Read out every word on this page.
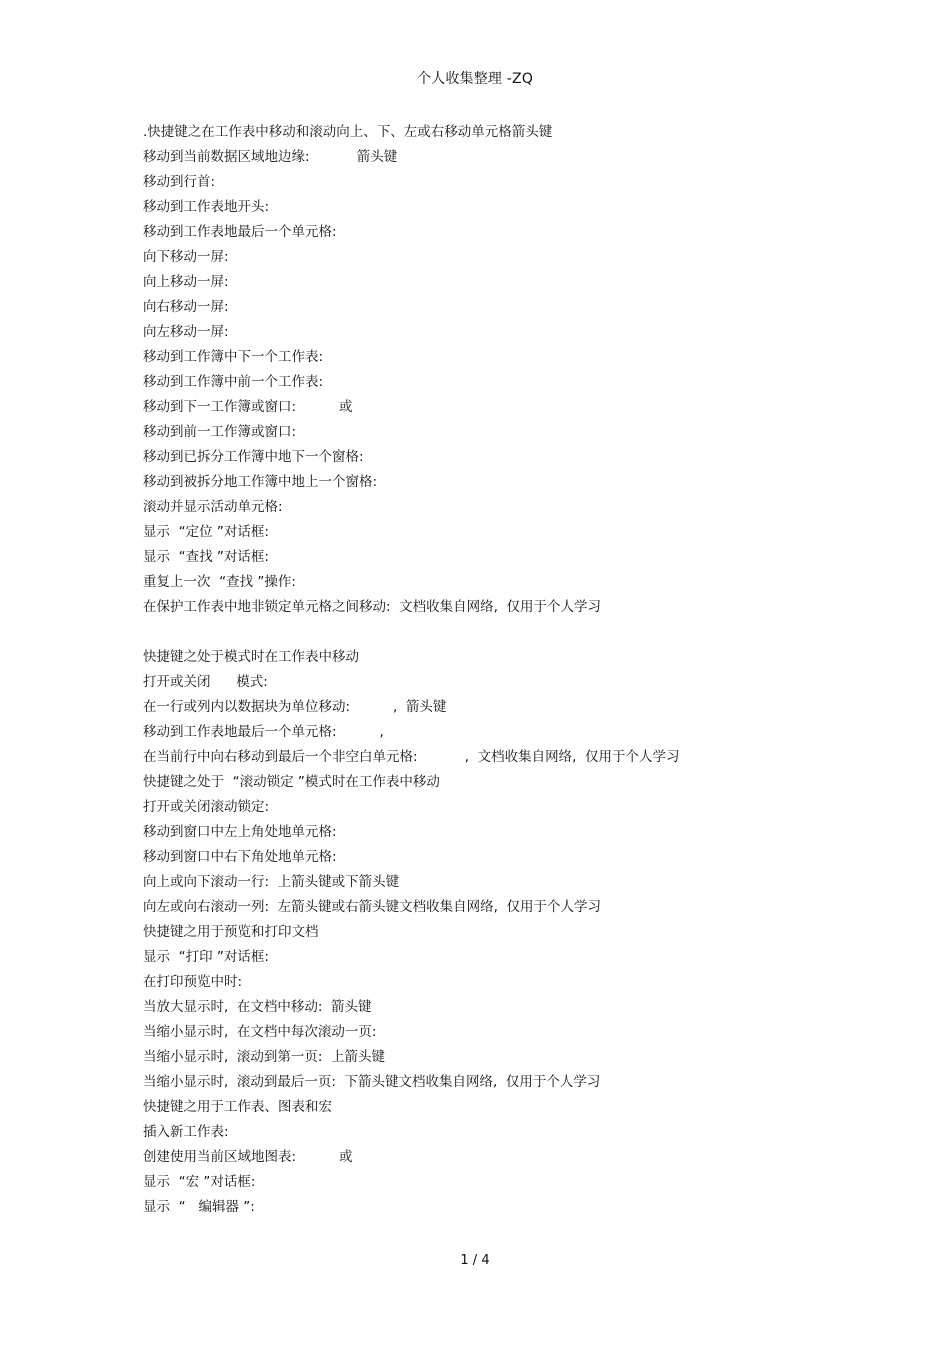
个人收集整理 -ZQ
.快捷键之在工作表中移动和滚动向上、下、左或右移动单元格箭头键
移动到当前数据区域地边缘:           箭头键
移动到行首:
移动到工作表地开头:
移动到工作表地最后一个单元格:
向下移动一屏:
向上移动一屏:
向右移动一屏:
向左移动一屏:
移动到工作簿中下一个工作表:
移动到工作簿中前一个工作表:
移动到下一工作簿或窗口:          或
移动到前一工作簿或窗口:
移动到已拆分工作簿中地下一个窗格:
移动到被拆分地工作簿中地上一个窗格:
滚动并显示活动单元格:
显示  “定位 ”对话框:
显示  “查找 ”对话框:
重复上一次  “查找 ”操作:
在保护工作表中地非锁定单元格之间移动:  文档收集自网络,  仅用于个人学习
快捷键之处于模式时在工作表中移动
打开或关闭      模式:
在一行或列内以数据块为单位移动:          ,  箭头键
移动到工作表地最后一个单元格:          ,
在当前行中向右移动到最后一个非空白单元格:           ,  文档收集自网络,  仅用于个人学习
快捷键之处于  “滚动锁定 ”模式时在工作表中移动
打开或关闭滚动锁定:
移动到窗口中左上角处地单元格:
移动到窗口中右下角处地单元格:
向上或向下滚动一行:  上箭头键或下箭头键
向左或向右滚动一列:  左箭头键或右箭头键文档收集自网络,  仅用于个人学习
快捷键之用于预览和打印文档
显示  “打印 ”对话框:
在打印预览中时:
当放大显示时,  在文档中移动:  箭头键
当缩小显示时,  在文档中每次滚动一页:
当缩小显示时,  滚动到第一页:  上箭头键
当缩小显示时,  滚动到最后一页:  下箭头键文档收集自网络,  仅用于个人学习
快捷键之用于工作表、图表和宏
插入新工作表:
创建使用当前区域地图表:          或
显示  “宏 ”对话框:
显示  “   编辑器 ”:
1 / 4
